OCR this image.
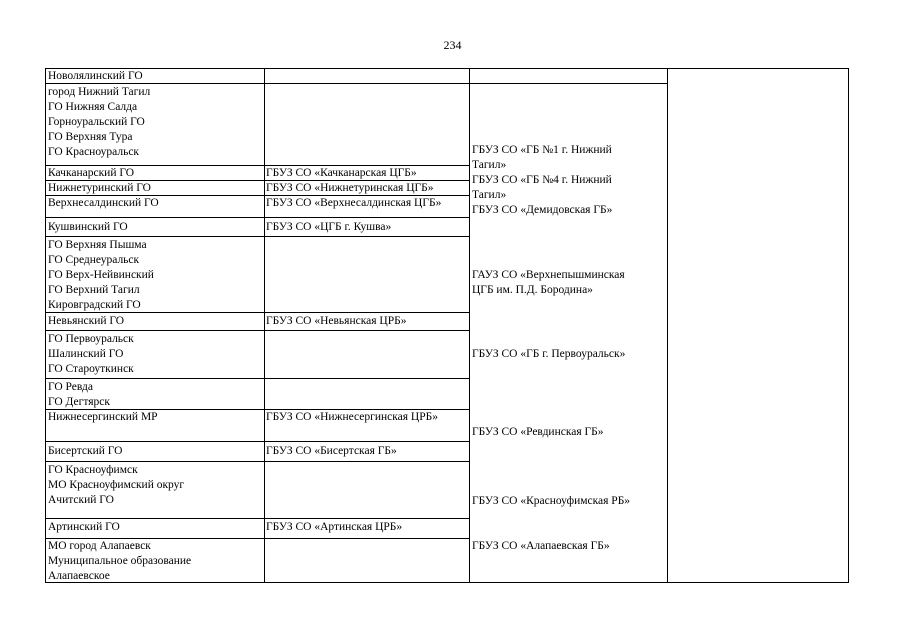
234
Новолялинский ГО
город Нижний Тагил
ГО Нижняя Салда
Горноуральский ГО
ГО Верхняя Тура
ГО Красноуральск
Качканарский ГО
Нижнетуринский ГО
Верхнесалдинский ГО
Кушвинский ГО
ГО Верхняя Пышма
ГО Среднеуральск
ГО Верх-Нейвинский
ГО Верхний Тагил
Кировградский ГО
Невьянский ГО
ГО Первоуральск
Шалинский ГО
ГО Староуткинск
ГО Ревда
ГО Дегтярск
Нижнесергинский МР
Бисертский ГО
ГО Красноуфимск
МО Красноуфимский округ
Ачитский ГО
Артинский ГО
МО город Алапаевск
Муниципальное образование
Алапаевское
ГБУЗ СО «Качканарская ЦГБ»
ГБУЗ СО «Нижнетуринская ЦГБ»
ГБУЗ СО «Верхнесалдинская ЦГБ»
ГБУЗ СО «ЦГБ г. Кушва»
ГБУЗ СО «Невьянская ЦРБ»
ГБУЗ СО «Нижнесергинская ЦРБ»
ГБУЗ СО «Бисертская ГБ»
ГБУЗ СО «Артинская ЦРБ»
ГБУЗ СО «ГБ №1 г. Нижний
Тагил»
ГБУЗ СО «ГБ №4 г. Нижний
Тагил»
ГБУЗ СО «Демидовская ГБ»
ГАУЗ СО «Верхнепышминская
ЦГБ им. П.Д. Бородина»
ГБУЗ СО «ГБ г. Первоуральск»
ГБУЗ СО «Ревдинская ГБ»
ГБУЗ СО «Красноуфимская РБ»
ГБУЗ СО «Алапаевская ГБ»
